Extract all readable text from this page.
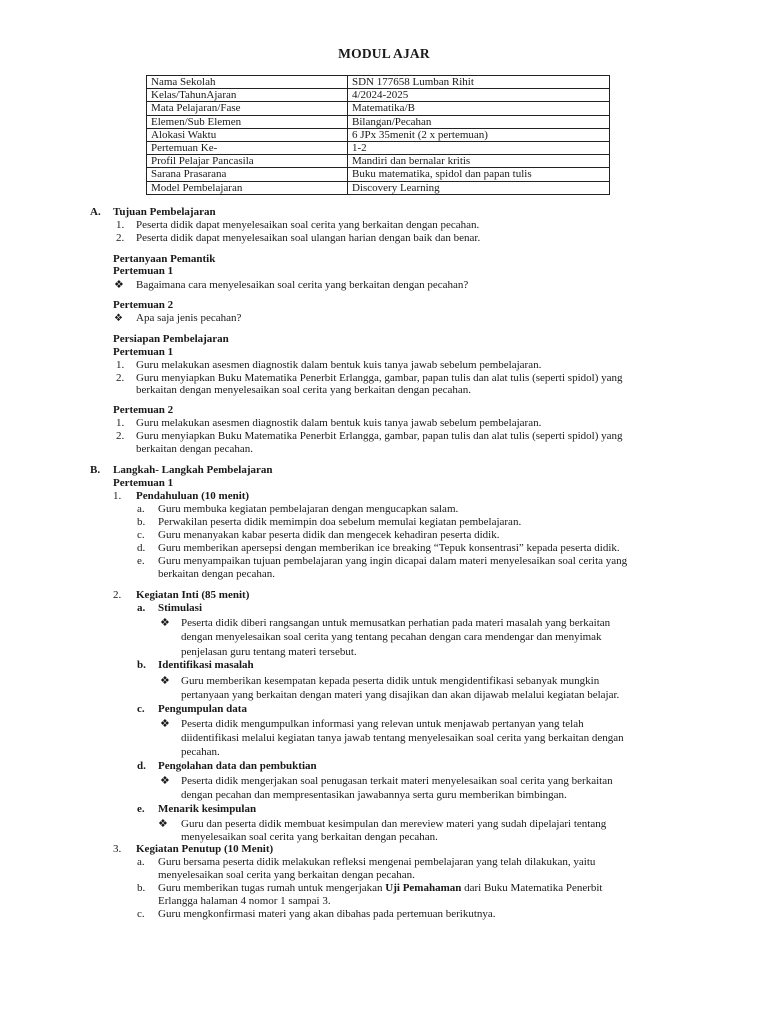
MODUL AJAR
Nama Sekolah	SDN 177658 Lumban Rihit
Kelas/TahunAjaran	4/2024-2025
Mata Pelajaran/Fase	Matematika/B
Elemen/Sub Elemen	Bilangan/Pecahan
Alokasi Waktu	6 JPx 35menit (2 x pertemuan)
Pertemuan Ke-	1-2
Profil Pelajar Pancasila	Mandiri dan bernalar kritis
Sarana Prasarana	Buku matematika, spidol dan papan tulis
Model Pembelajaran	Discovery Learning
A. Tujuan Pembelajaran
1. Peserta didik dapat menyelesaikan soal cerita yang berkaitan dengan pecahan.
2. Peserta didik dapat menyelesaikan soal ulangan harian dengan baik dan benar.
Pertanyaan Pemantik
Pertemuan 1
❖ Bagaimana cara menyelesaikan soal cerita yang berkaitan dengan pecahan?
Pertemuan 2
❖ Apa saja jenis pecahan?
Persiapan Pembelajaran
Pertemuan 1
1. Guru melakukan asesmen diagnostik dalam bentuk kuis tanya jawab sebelum pembelajaran.
2. Guru menyiapkan Buku Matematika Penerbit Erlangga, gambar, papan tulis dan alat tulis (seperti spidol) yang
berkaitan dengan menyelesaikan soal cerita yang berkaitan dengan pecahan.
Pertemuan 2
1. Guru melakukan asesmen diagnostik dalam bentuk kuis tanya jawab sebelum pembelajaran.
2. Guru menyiapkan Buku Matematika Penerbit Erlangga, gambar, papan tulis dan alat tulis (seperti spidol) yang
berkaitan dengan pecahan.
B. Langkah- Langkah Pembelajaran
Pertemuan 1
1. Pendahuluan (10 menit)
a. Guru membuka kegiatan pembelajaran dengan mengucapkan salam.
b. Perwakilan peserta didik memimpin doa sebelum memulai kegiatan pembelajaran.
c. Guru menanyakan kabar peserta didik dan mengecek kehadiran peserta didik.
d. Guru memberikan apersepsi dengan memberikan ice breaking “Tepuk konsentrasi” kepada peserta didik.
e. Guru menyampaikan tujuan pembelajaran yang ingin dicapai dalam materi menyelesaikan soal cerita yang
berkaitan dengan pecahan.
2. Kegiatan Inti (85 menit)
a. Stimulasi
❖ Peserta didik diberi rangsangan untuk memusatkan perhatian pada materi masalah yang berkaitan
dengan menyelesaikan soal cerita yang tentang pecahan dengan cara mendengar dan menyimak
penjelasan guru tentang materi tersebut.
b. Identifikasi masalah
❖ Guru memberikan kesempatan kepada peserta didik untuk mengidentifikasi sebanyak mungkin
pertanyaan yang berkaitan dengan materi yang disajikan dan akan dijawab melalui kegiatan belajar.
c. Pengumpulan data
❖ Peserta didik mengumpulkan informasi yang relevan untuk menjawab pertanyan yang telah
diidentifikasi melalui kegiatan tanya jawab tentang menyelesaikan soal cerita yang berkaitan dengan
pecahan.
d. Pengolahan data dan pembuktian
❖ Peserta didik mengerjakan soal penugasan terkait materi menyelesaikan soal cerita yang berkaitan
dengan pecahan dan mempresentasikan jawabannya serta guru memberikan bimbingan.
e. Menarik kesimpulan
❖ Guru dan peserta didik membuat kesimpulan dan mereview materi yang sudah dipelajari tentang
menyelesaikan soal cerita yang berkaitan dengan pecahan.
3. Kegiatan Penutup (10 Menit)
a. Guru bersama peserta didik melakukan refleksi mengenai pembelajaran yang telah dilakukan, yaitu
menyelesaikan soal cerita yang berkaitan dengan pecahan.
b. Guru memberikan tugas rumah untuk mengerjakan Uji Pemahaman dari Buku Matematika Penerbit
Erlangga halaman 4 nomor 1 sampai 3.
c. Guru mengkonfirmasi materi yang akan dibahas pada pertemuan berikutnya.
